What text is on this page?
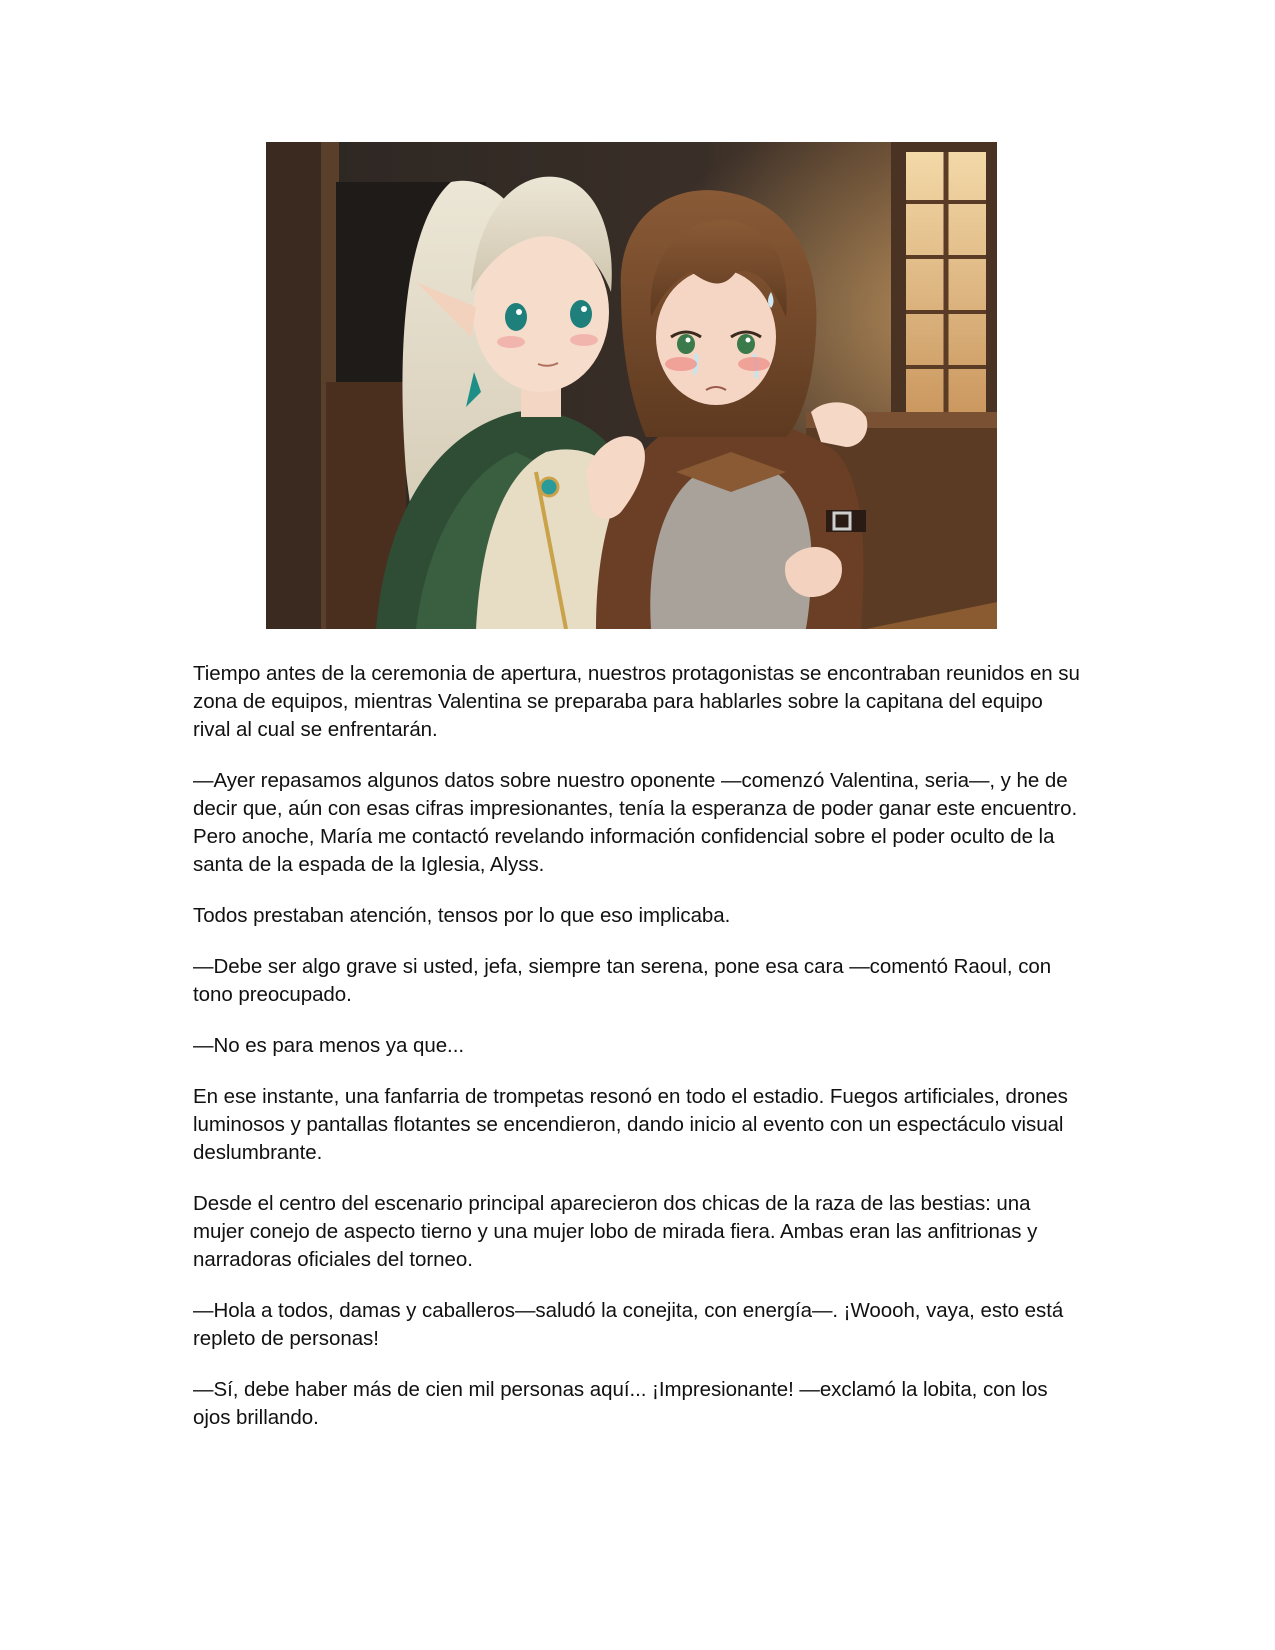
Tiempo antes de la ceremonia de apertura, nuestros protagonistas se encontraban reunidos en su zona de equipos, mientras Valentina se preparaba para hablarles sobre la capitana del equipo rival al cual se enfrentarán.

—Ayer repasamos algunos datos sobre nuestro oponente —comenzó Valentina, seria—, y he de decir que, aún con esas cifras impresionantes, tenía la esperanza de poder ganar este encuentro. Pero anoche, María me contactó revelando información confidencial sobre el poder oculto de la santa de la espada de la Iglesia, Alyss.

Todos prestaban atención, tensos por lo que eso implicaba.

—Debe ser algo grave si usted, jefa, siempre tan serena, pone esa cara —comentó Raoul, con tono preocupado.

—No es para menos ya que...

En ese instante, una fanfarria de trompetas resonó en todo el estadio. Fuegos artificiales, drones luminosos y pantallas flotantes se encendieron, dando inicio al evento con un espectáculo visual deslumbrante.

Desde el centro del escenario principal aparecieron dos chicas de la raza de las bestias: una mujer conejo de aspecto tierno y una mujer lobo de mirada fiera. Ambas eran las anfitrionas y narradoras oficiales del torneo.

—Hola a todos, damas y caballeros—saludó la conejita, con energía—. ¡Woooh, vaya, esto está repleto de personas!

—Sí, debe haber más de cien mil personas aquí... ¡Impresionante! —exclamó la lobita, con los ojos brillando.
